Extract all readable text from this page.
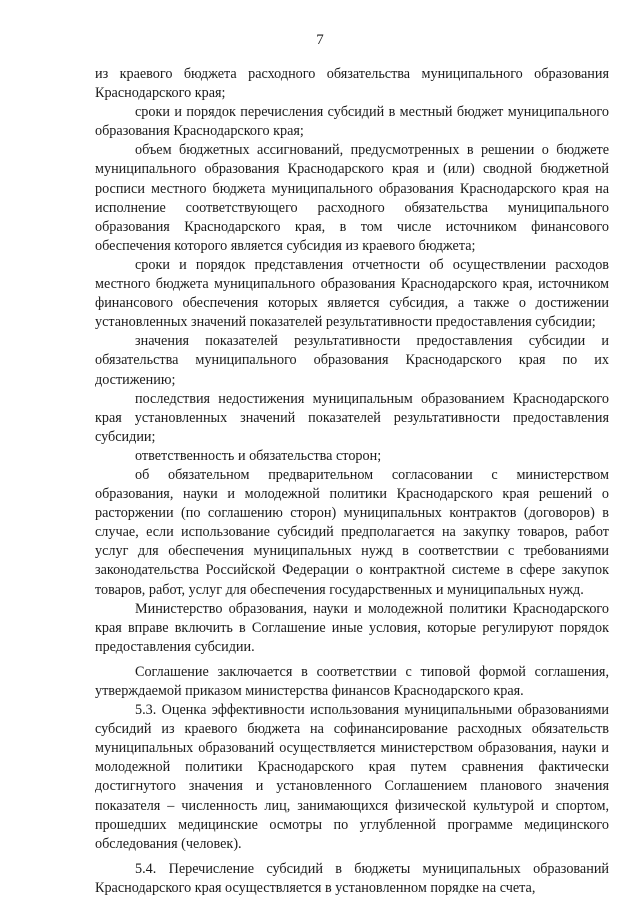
7

из краевого бюджета расходного обязательства муниципального образования Краснодарского края;

сроки и порядок перечисления субсидий в местный бюджет муниципального образования Краснодарского края;

объем бюджетных ассигнований, предусмотренных в решении о бюджете муниципального образования Краснодарского края и (или) сводной бюджетной росписи местного бюджета муниципального образования Краснодарского края на исполнение соответствующего расходного обязательства муниципального образования Краснодарского края, в том числе источником финансового обеспечения которого является субсидия из краевого бюджета;

сроки и порядок представления отчетности об осуществлении расходов местного бюджета муниципального образования Краснодарского края, источником финансового обеспечения которых является субсидия, а также о достижении установленных значений показателей результативности предоставления субсидии;

значения показателей результативности предоставления субсидии и обязательства муниципального образования Краснодарского края по их достижению;

последствия недостижения муниципальным образованием Краснодарского края установленных значений показателей результативности предоставления субсидии;

ответственность и обязательства сторон;

об обязательном предварительном согласовании с министерством образования, науки и молодежной политики Краснодарского края решений о расторжении (по соглашению сторон) муниципальных контрактов (договоров) в случае, если использование субсидий предполагается на закупку товаров, работ услуг для обеспечения муниципальных нужд в соответствии с требованиями законодательства Российской Федерации о контрактной системе в сфере закупок товаров, работ, услуг для обеспечения государственных и муниципальных нужд.

Министерство образования, науки и молодежной политики Краснодарского края вправе включить в Соглашение иные условия, которые регулируют порядок предоставления субсидии.

Соглашение заключается в соответствии с типовой формой соглашения, утверждаемой приказом министерства финансов Краснодарского края.

5.3. Оценка эффективности использования муниципальными образованиями субсидий из краевого бюджета на софинансирование расходных обязательств муниципальных образований осуществляется министерством образования, науки и молодежной политики Краснодарского края путем сравнения фактически достигнутого значения и установленного Соглашением планового значения показателя – численность лиц, занимающихся физической культурой и спортом, прошедших медицинские осмотры по углубленной программе медицинского обследования (человек).

5.4. Перечисление субсидий в бюджеты муниципальных образований Краснодарского края осуществляется в установленном порядке на счета,
